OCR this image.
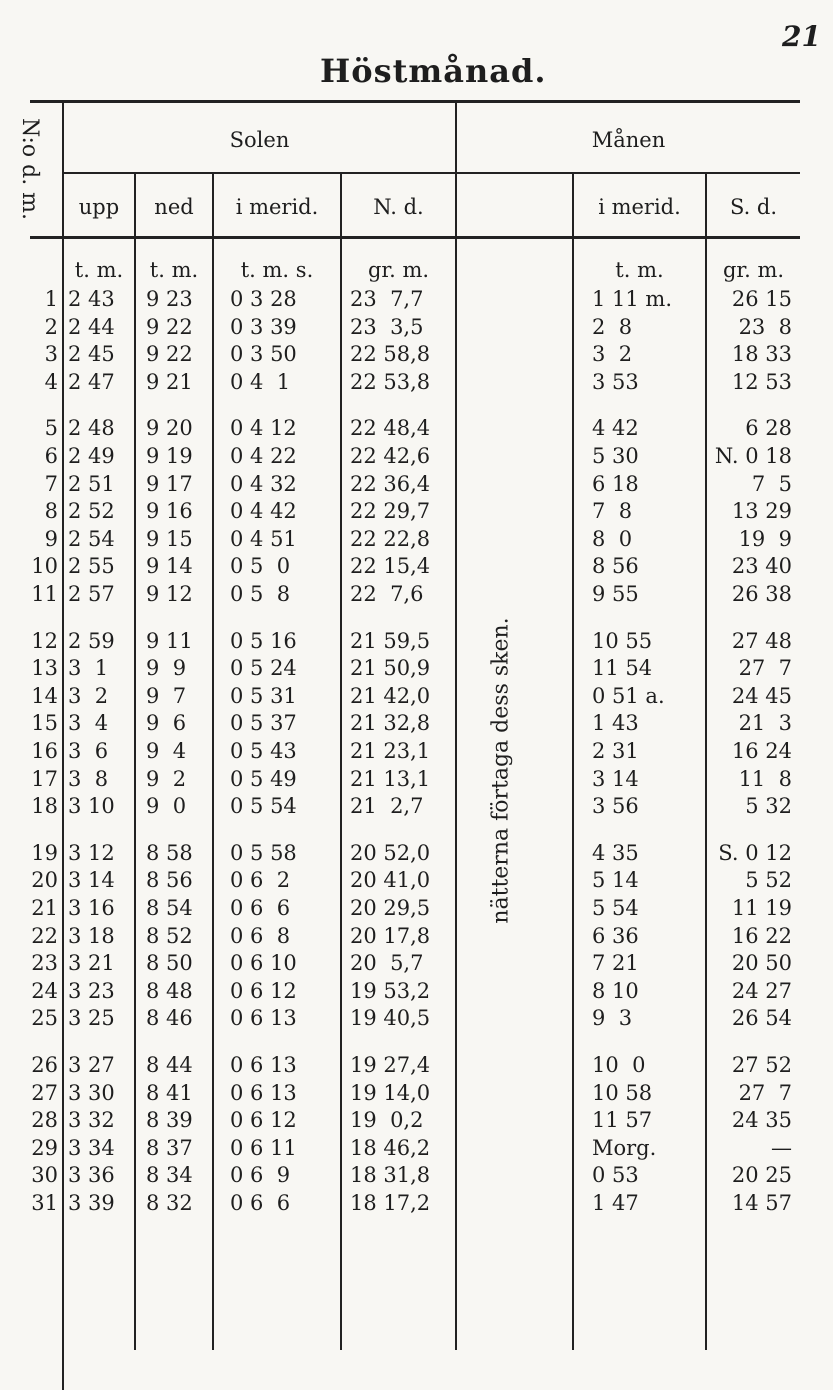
21
Höstmånad.
N:o d. m.	Solen	Månen
upp	ned	i merid.	N. d.	i merid.	S. d.
t. m.	t. m.	t. m. s.	gr. m.	t. m.	gr. m.
nätterna förtaga dess sken.
1 2 43	9 23	0 3 28	23  7,7	1 11 m.	26 15
2 2 44	9 22	0 3 39	23  3,5	2  8	23  8
3 2 45	9 22	0 3 50	22 58,8	3  2	18 33
4 2 47	9 21	0 4  1	22 53,8	3 53	12 53
5 2 48	9 20	0 4 12	22 48,4	4 42	6 28
6 2 49	9 19	0 4 22	22 42,6	5 30	N. 0 18
7 2 51	9 17	0 4 32	22 36,4	6 18	7  5
8 2 52	9 16	0 4 42	22 29,7	7  8	13 29
9 2 54	9 15	0 4 51	22 22,8	8  0	19  9
10 2 55	9 14	0 5  0	22 15,4	8 56	23 40
11 2 57	9 12	0 5  8	22  7,6	9 55	26 38
12 2 59	9 11	0 5 16	21 59,5	10 55	27 48
13 3  1	9  9	0 5 24	21 50,9	11 54	27  7
14 3  2	9  7	0 5 31	21 42,0	0 51 a.	24 45
15 3  4	9  6	0 5 37	21 32,8	1 43	21  3
16 3  6	9  4	0 5 43	21 23,1	2 31	16 24
17 3  8	9  2	0 5 49	21 13,1	3 14	11  8
18 3 10	9  0	0 5 54	21  2,7	3 56	5 32
19 3 12	8 58	0 5 58	20 52,0	4 35	S. 0 12
20 3 14	8 56	0 6  2	20 41,0	5 14	5 52
21 3 16	8 54	0 6  6	20 29,5	5 54	11 19
22 3 18	8 52	0 6  8	20 17,8	6 36	16 22
23 3 21	8 50	0 6 10	20  5,7	7 21	20 50
24 3 23	8 48	0 6 12	19 53,2	8 10	24 27
25 3 25	8 46	0 6 13	19 40,5	9  3	26 54
26 3 27	8 44	0 6 13	19 27,4	10  0	27 52
27 3 30	8 41	0 6 13	19 14,0	10 58	27  7
28 3 32	8 39	0 6 12	19  0,2	11 57	24 35
29 3 34	8 37	0 6 11	18 46,2	Morg.	—
30 3 36	8 34	0 6  9	18 31,8	0 53	20 25
31 3 39	8 32	0 6  6	18 17,2	1 47	14 57
